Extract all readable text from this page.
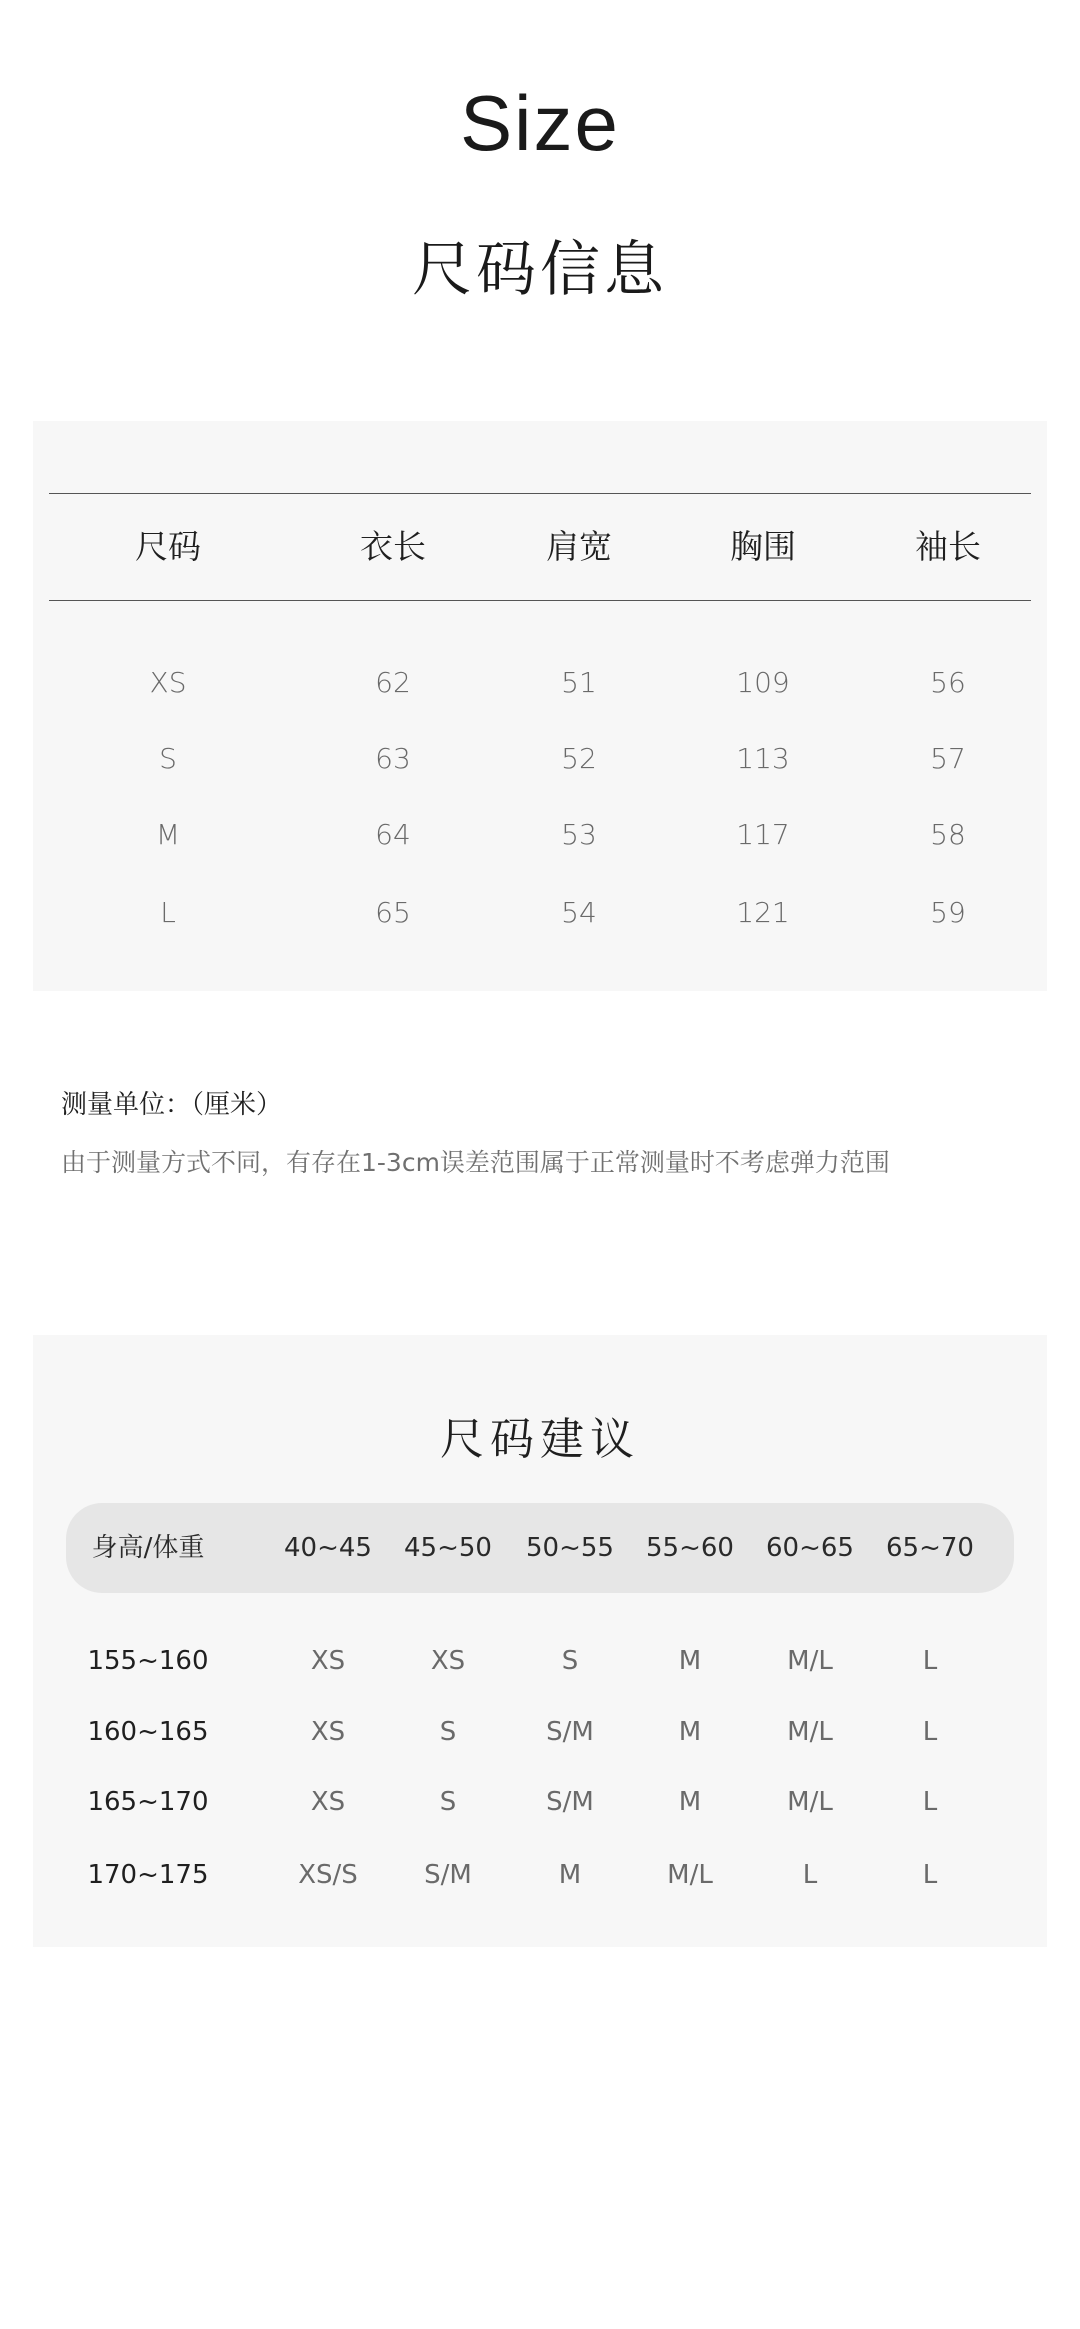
Size
尺码信息
尺码	衣长	肩宽	胸围	袖长
XS	62	51	109	56
S	63	52	113	57
M	64	53	117	58
L	65	54	121	59
测量单位：（厘米）
由于测量方式不同，有存在1-3cm误差范围属于正常测量时不考虑弹力范围
尺码建议
身高/体重	40~45	45~50	50~55	55~60	60~65	65~70
155~160	XS	XS	S	M	M/L	L
160~165	XS	S	S/M	M	M/L	L
165~170	XS	S	S/M	M	M/L	L
170~175	XS/S	S/M	M	M/L	L	L
